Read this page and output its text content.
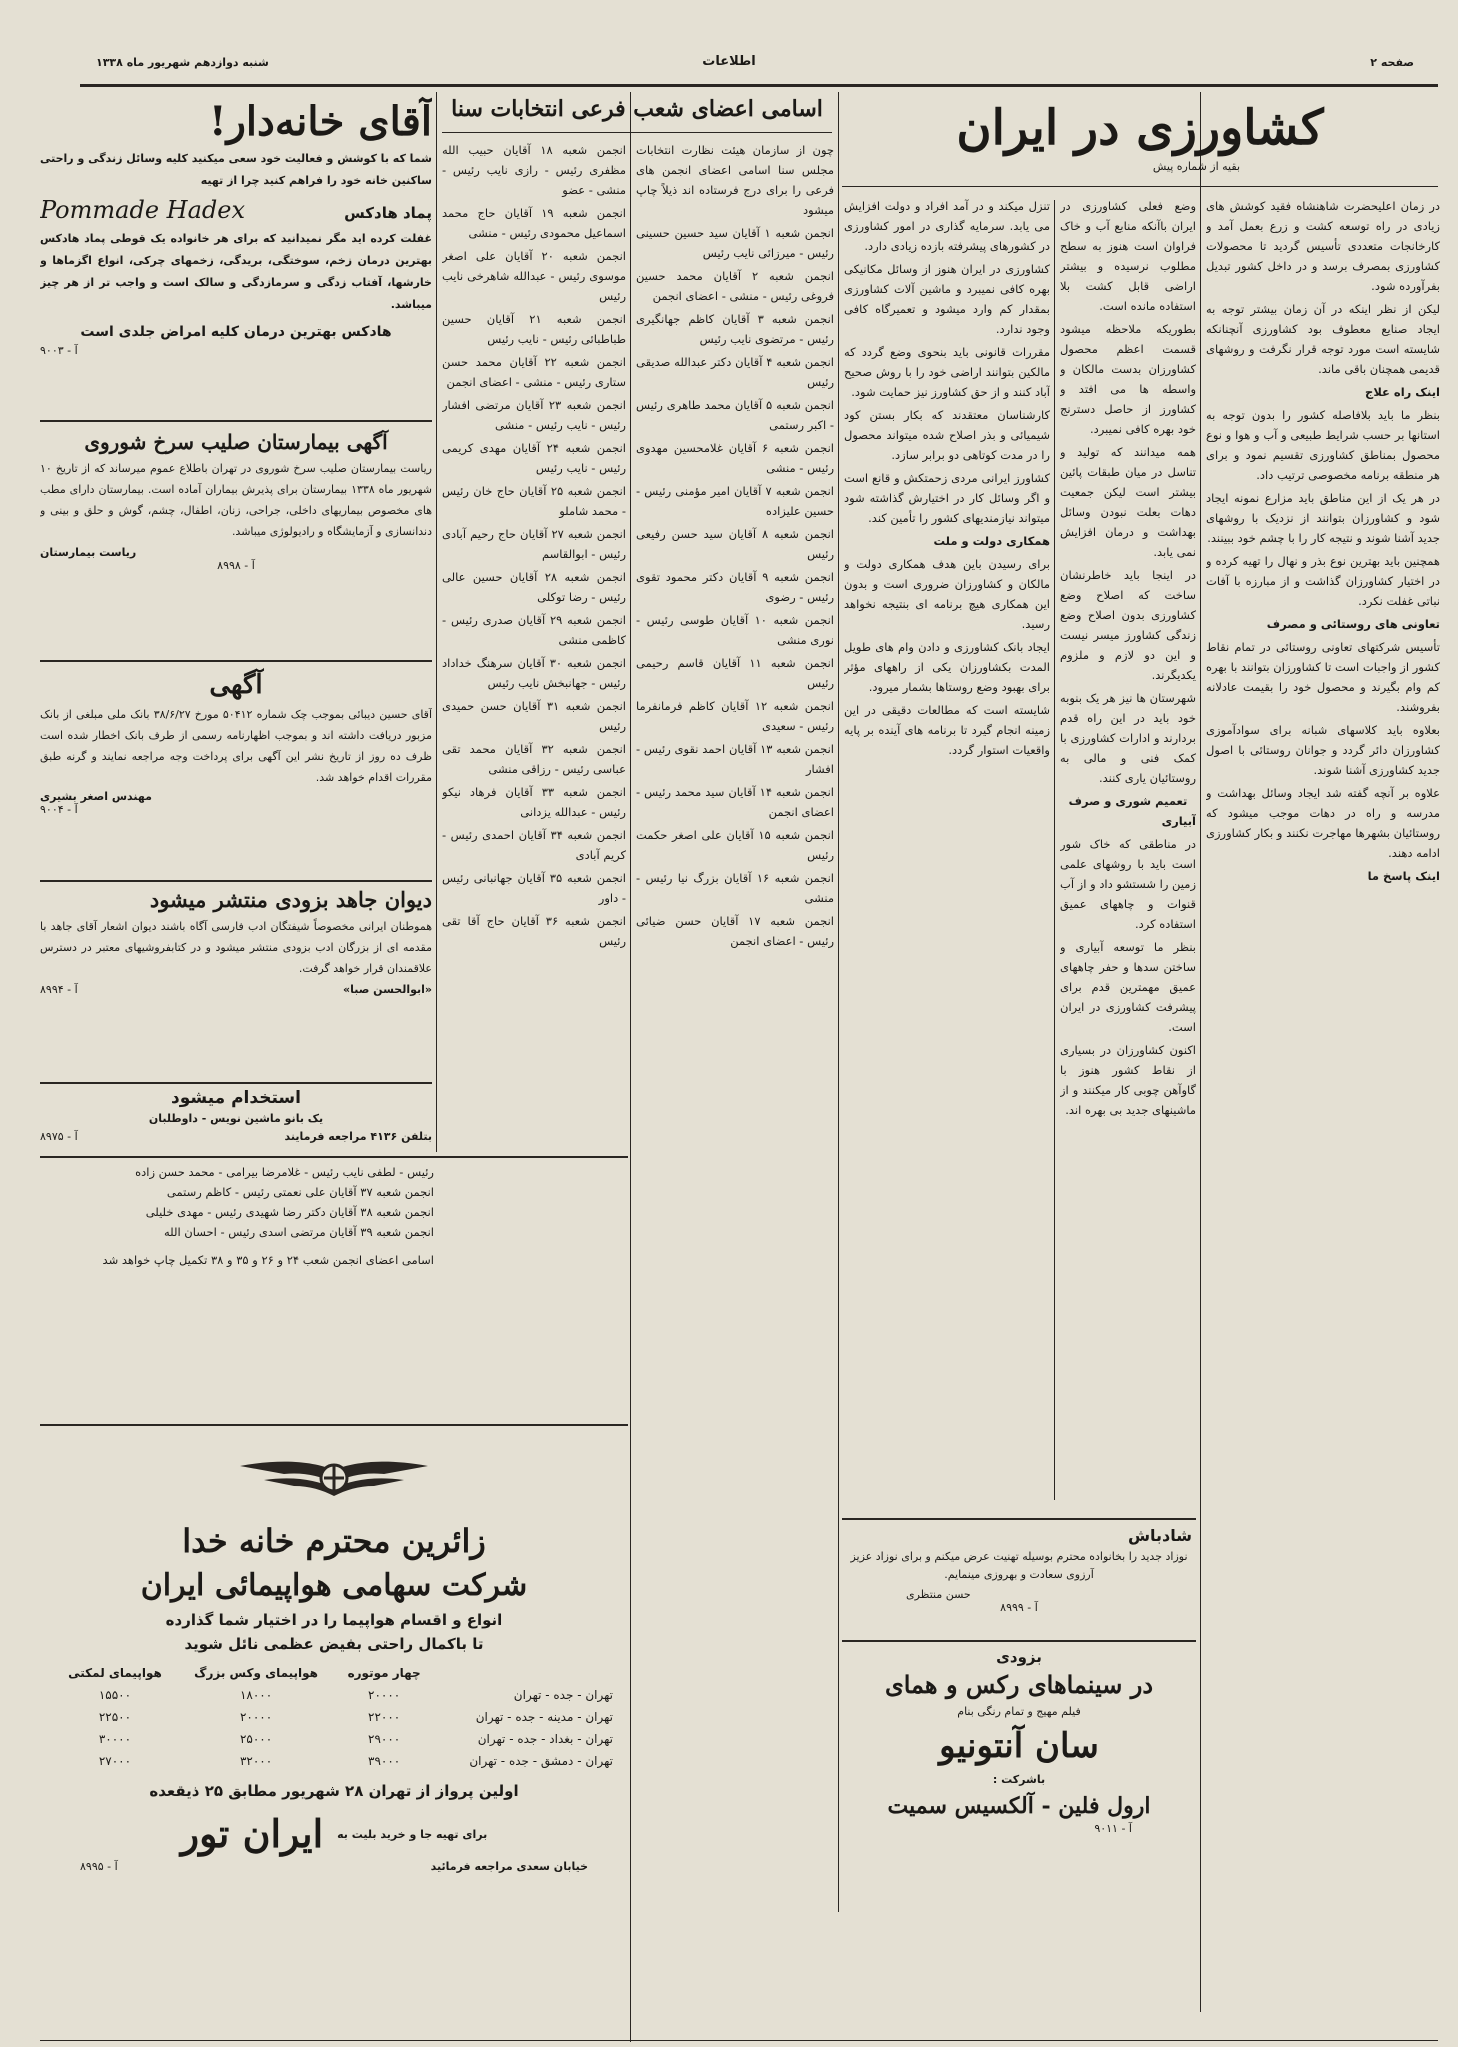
صفحه ۲
اطلاعات
شنبه دوازدهم شهریور ماه ۱۳۳۸
کشاورزی در ایران
بقیه از شماره پیش

در زمان اعلیحضرت شاهنشاه فقید کوشش های زیادی در راه توسعه کشت و زرع بعمل آمد و کارخانجات متعددی تأسیس گردید تا محصولات کشاورزی بمصرف برسد و در داخل کشور تبدیل بفرآورده شود.

لیکن از نظر اینکه در آن زمان بیشتر توجه به ایجاد صنایع معطوف بود کشاورزی آنچنانکه شایسته است مورد توجه قرار نگرفت و روشهای قدیمی همچنان باقی ماند.

اینک راه علاج

بنظر ما باید بلافاصله کشور را بدون توجه به استانها بر حسب شرایط طبیعی و آب و هوا و نوع محصول بمناطق کشاورزی تقسیم نمود و برای هر منطقه برنامه مخصوصی ترتیب داد.

در هر یک از این مناطق باید مزارع نمونه ایجاد شود و کشاورزان بتوانند از نزدیک با روشهای جدید آشنا شوند و نتیجه کار را با چشم خود ببینند.

همچنین باید بهترین نوع بذر و نهال را تهیه کرده و در اختیار کشاورزان گذاشت و از مبارزه با آفات نباتی غفلت نکرد.

تعاونی های روستائی و مصرف

تأسیس شرکتهای تعاونی روستائی در تمام نقاط کشور از واجبات است تا کشاورزان بتوانند با بهره کم وام بگیرند و محصول خود را بقیمت عادلانه بفروشند.

بعلاوه باید کلاسهای شبانه برای سوادآموزی کشاورزان دائر گردد و جوانان روستائی با اصول جدید کشاورزی آشنا شوند.

علاوه بر آنچه گفته شد ایجاد وسائل بهداشت و مدرسه و راه در دهات موجب میشود که روستائیان بشهرها مهاجرت نکنند و بکار کشاورزی ادامه دهند.

اینک پاسخ ما

وضع فعلی کشاورزی در ایران باآنکه منابع آب و خاک فراوان است هنوز به سطح مطلوب نرسیده و بیشتر اراضی قابل کشت بلا استفاده مانده است.

بطوریکه ملاحظه میشود قسمت اعظم محصول کشاورزان بدست مالکان و واسطه ها می افتد و کشاورز از حاصل دسترنج خود بهره کافی نمیبرد.

همه میدانند که تولید و تناسل در میان طبقات پائین بیشتر است لیکن جمعیت دهات بعلت نبودن وسائل بهداشت و درمان افزایش نمی یابد.

در اینجا باید خاطرنشان ساخت که اصلاح وضع کشاورزی بدون اصلاح وضع زندگی کشاورز میسر نیست و این دو لازم و ملزوم یکدیگرند.

شهرستان ها نیز هر یک بنوبه خود باید در این راه قدم بردارند و ادارات کشاورزی با کمک فنی و مالی به روستائیان یاری کنند.

تعمیم شوری و صرف آبیاری

در مناطقی که خاک شور است باید با روشهای علمی زمین را شستشو داد و از آب قنوات و چاههای عمیق استفاده کرد.

بنظر ما توسعه آبیاری و ساختن سدها و حفر چاههای عمیق مهمترین قدم برای پیشرفت کشاورزی در ایران است.

اکنون کشاورزان در بسیاری از نقاط کشور هنوز با گاوآهن چوبی کار میکنند و از ماشینهای جدید بی بهره اند.

تنزل میکند و در آمد افراد و دولت افزایش می یابد. سرمایه گذاری در امور کشاورزی در کشورهای پیشرفته بازده زیادی دارد.

کشاورزی در ایران هنوز از وسائل مکانیکی بهره کافی نمیبرد و ماشین آلات کشاورزی بمقدار کم وارد میشود و تعمیرگاه کافی وجود ندارد.

مقررات قانونی باید بنحوی وضع گردد که مالکین بتوانند اراضی خود را با روش صحیح آباد کنند و از حق کشاورز نیز حمایت شود.

کارشناسان معتقدند که بکار بستن کود شیمیائی و بذر اصلاح شده میتواند محصول را در مدت کوتاهی دو برابر سازد.

کشاورز ایرانی مردی زحمتکش و قانع است و اگر وسائل کار در اختیارش گذاشته شود میتواند نیازمندیهای کشور را تأمین کند.

همکاری دولت و ملت

برای رسیدن باین هدف همکاری دولت و مالکان و کشاورزان ضروری است و بدون این همکاری هیچ برنامه ای بنتیجه نخواهد رسید.

ایجاد بانک کشاورزی و دادن وام های طویل المدت بکشاورزان یکی از راههای مؤثر برای بهبود وضع روستاها بشمار میرود.

شایسته است که مطالعات دقیقی در این زمینه انجام گیرد تا برنامه های آینده بر پایه واقعیات استوار گردد.

شادباش
نوزاد جدید را بخانواده محترم بوسیله تهنیت عرض میکنم و برای نوزاد عزیز آرزوی سعادت و بهروزی مینمایم.
حسن منتظری
آ - ۸۹۹۹
بزودی
در سینماهای رکس و همای
فیلم مهیج و تمام رنگی بنام
سان آنتونیو
باشرکت :
ارول فلین - آلکسیس سمیت
آ - ۹۰۱۱
اسامی اعضای شعب فرعی انتخابات سنا

چون از سازمان هیئت نظارت انتخابات مجلس سنا اسامی اعضای انجمن های فرعی را برای درج فرستاده اند ذیلاً چاپ میشود

انجمن شعبه ۱ آقایان سید حسین حسینی رئیس - میرزائی نایب رئیس

انجمن شعبه ۲ آقایان محمد حسین فروغی رئیس - منشی - اعضای انجمن

انجمن شعبه ۳ آقایان کاظم جهانگیری رئیس - مرتضوی نایب رئیس

انجمن شعبه ۴ آقایان دکتر عبدالله صدیقی رئیس

انجمن شعبه ۵ آقایان محمد طاهری رئیس - اکبر رستمی

انجمن شعبه ۶ آقایان غلامحسین مهدوی رئیس - منشی

انجمن شعبه ۷ آقایان امیر مؤمنی رئیس - حسین علیزاده

انجمن شعبه ۸ آقایان سید حسن رفیعی رئیس

انجمن شعبه ۹ آقایان دکتر محمود تقوی رئیس - رضوی

انجمن شعبه ۱۰ آقایان طوسی رئیس - نوری منشی

انجمن شعبه ۱۱ آقایان قاسم رحیمی رئیس

انجمن شعبه ۱۲ آقایان کاظم فرمانفرما رئیس - سعیدی

انجمن شعبه ۱۳ آقایان احمد نقوی رئیس - افشار

انجمن شعبه ۱۴ آقایان سید محمد رئیس - اعضای انجمن

انجمن شعبه ۱۵ آقایان علی اصغر حکمت رئیس

انجمن شعبه ۱۶ آقایان بزرگ نیا رئیس - منشی

انجمن شعبه ۱۷ آقایان حسن ضیائی رئیس - اعضای انجمن

انجمن شعبه ۱۸ آقایان حبیب الله مظفری رئیس - رازی نایب رئیس - منشی - عضو

انجمن شعبه ۱۹ آقایان حاج محمد اسماعیل محمودی رئیس - منشی

انجمن شعبه ۲۰ آقایان علی اصغر موسوی رئیس - عبدالله شاهرخی نایب رئیس

انجمن شعبه ۲۱ آقایان حسین طباطبائی رئیس - نایب رئیس

انجمن شعبه ۲۲ آقایان محمد حسن ستاری رئیس - منشی - اعضای انجمن

انجمن شعبه ۲۳ آقایان مرتضی افشار رئیس - نایب رئیس - منشی

انجمن شعبه ۲۴ آقایان مهدی کریمی رئیس - نایب رئیس

انجمن شعبه ۲۵ آقایان حاج خان رئیس - محمد شاملو

انجمن شعبه ۲۷ آقایان حاج رحیم آبادی رئیس - ابوالقاسم

انجمن شعبه ۲۸ آقایان حسین عالی رئیس - رضا توکلی

انجمن شعبه ۲۹ آقایان صدری رئیس - کاظمی منشی

انجمن شعبه ۳۰ آقایان سرهنگ خداداد رئیس - جهانبخش نایب رئیس

انجمن شعبه ۳۱ آقایان حسن حمیدی رئیس

انجمن شعبه ۳۲ آقایان محمد تقی عباسی رئیس - رزاقی منشی

انجمن شعبه ۳۳ آقایان فرهاد نیکو رئیس - عبدالله یزدانی

انجمن شعبه ۳۴ آقایان احمدی رئیس - کریم آبادی

انجمن شعبه ۳۵ آقایان جهانبانی رئیس - داور

انجمن شعبه ۳۶ آقایان حاج آقا تقی رئیس

رئیس - لطفی نایب رئیس - غلامرضا بیرامی - محمد حسن زاده
انجمن شعبه ۳۷ آقایان علی نعمتی رئیس - کاظم رستمی
انجمن شعبه ۳۸ آقایان دکتر رضا شهیدی رئیس - مهدی خلیلی
انجمن شعبه ۳۹ آقایان مرتضی اسدی رئیس - احسان الله
اسامی اعضای انجمن شعب ۲۴ و ۲۶ و ۳۵ و ۳۸ تکمیل چاپ خواهد شد
آقای خانه‌دار!
شما که با کوشش و فعالیت خود سعی میکنید کلیه وسائل زندگی و راحتی ساکنین خانه خود را فراهم کنید چرا از تهیه
پماد هادکس
Pommade Hadex
غفلت کرده اید مگر نمیدانید که برای هر خانواده یک قوطی پماد هادکس بهترین درمان زخم، سوختگی، بریدگی، زخمهای چرکی، انواع اگزماها و خارشها، آفتاب زدگی و سرمازدگی و سالک است و واجب تر از هر چیز میباشد.
هادکس بهترین درمان کلیه امراض جلدی است
آ - ۹۰۰۳
آگهی بیمارستان صلیب سرخ شوروی
ریاست بیمارستان صلیب سرخ شوروی در تهران باطلاع عموم میرساند که از تاریخ ۱۰ شهریور ماه ۱۳۳۸ بیمارستان برای پذیرش بیماران آماده است. بیمارستان دارای مطب های مخصوص بیماریهای داخلی، جراحی، زنان، اطفال، چشم، گوش و حلق و بینی و دندانسازی و آزمایشگاه و رادیولوژی میباشد.
ریاست بیمارستان
آ - ۸۹۹۸
آگهی
آقای حسین دیبائی بموجب چک شماره ۵۰۴۱۲ مورخ ۳۸/۶/۲۷ بانک ملی مبلغی از بانک مزبور دریافت داشته اند و بموجب اظهارنامه رسمی از طرف بانک اخطار شده است ظرف ده روز از تاریخ نشر این آگهی برای پرداخت وجه مراجعه نمایند و گرنه طبق مقررات اقدام خواهد شد.
مهندس اصغر بشیری
آ - ۹۰۰۴
دیوان جاهد بزودی منتشر میشود
هموطنان ایرانی مخصوصاً شیفتگان ادب فارسی آگاه باشند دیوان اشعار آقای جاهد با مقدمه ای از بزرگان ادب بزودی منتشر میشود و در کتابفروشیهای معتبر در دسترس علاقمندان قرار خواهد گرفت.
«ابوالحسن صبا»
آ - ۸۹۹۴
استخدام میشود
یک بانو ماشین نویس - داوطلبان
بتلفن ۴۱۳۶ مراجعه فرمایند
آ - ۸۹۷۵
زائرین محترم خانه خدا
شرکت سهامی هواپیمائی ایران
انواع و اقسام هواپیما را در اختیار شما گذارده
تا باکمال راحتی بفیض عظمی نائل شوید
	چهار موتوره	هواپیمای وکس بزرگ	هواپیمای لمکتی
تهران - جده - تهران	۲۰۰۰۰	۱۸۰۰۰	۱۵۵۰۰
تهران - مدینه - جده - تهران	۲۲۰۰۰	۲۰۰۰۰	۲۲۵۰۰
تهران - بغداد - جده - تهران	۲۹۰۰۰	۲۵۰۰۰	۳۰۰۰۰
تهران - دمشق - جده - تهران	۳۹۰۰۰	۳۲۰۰۰	۲۷۰۰۰
اولین پرواز از تهران ۲۸ شهریور مطابق ۲۵ ذیقعده
برای تهیه جا و خرید بلیت به
ایران تور
خیابان سعدی مراجعه فرمائید
آ - ۸۹۹۵
